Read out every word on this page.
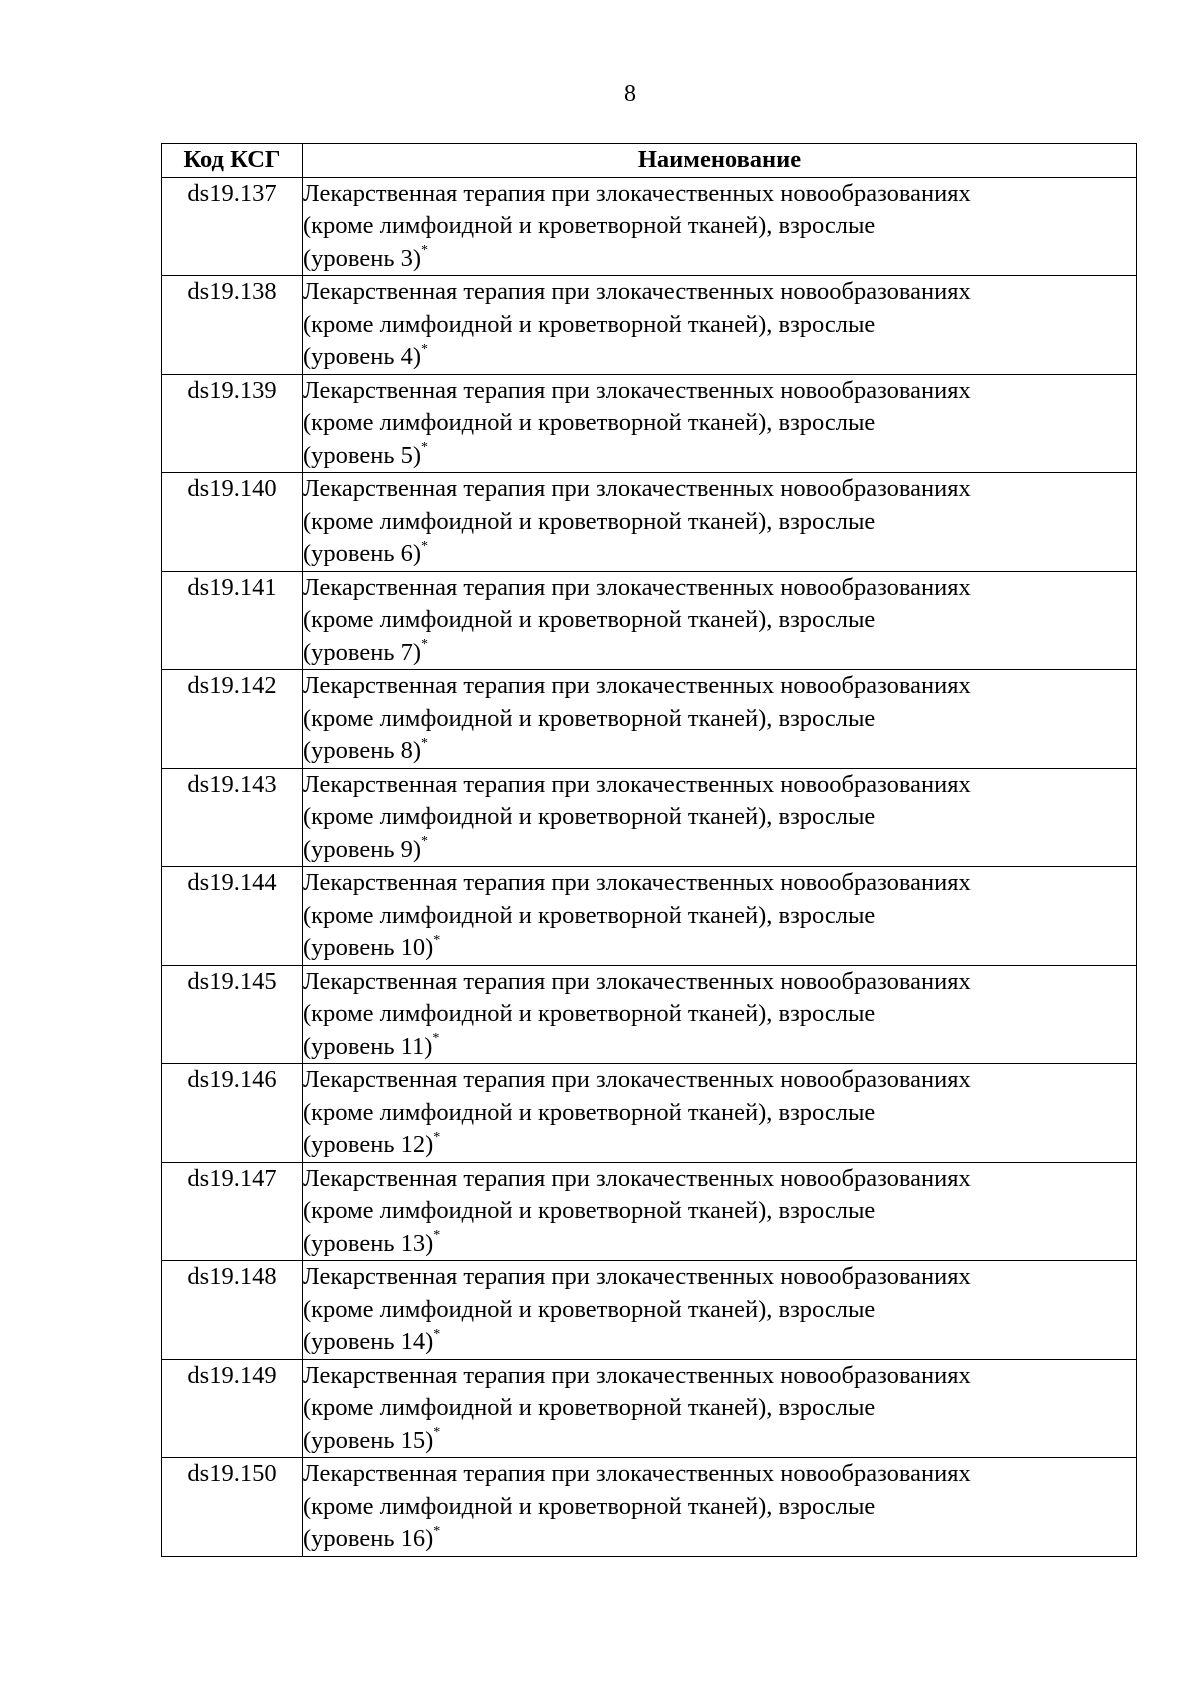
8
Код КСГ	Наименование
ds19.137	Лекарственная терапия при злокачественных новообразованиях
(кроме лимфоидной и кроветворной тканей), взрослые
(уровень 3)*

ds19.138	Лекарственная терапия при злокачественных новообразованиях
(кроме лимфоидной и кроветворной тканей), взрослые
(уровень 4)*

ds19.139	Лекарственная терапия при злокачественных новообразованиях
(кроме лимфоидной и кроветворной тканей), взрослые
(уровень 5)*

ds19.140	Лекарственная терапия при злокачественных новообразованиях
(кроме лимфоидной и кроветворной тканей), взрослые
(уровень 6)*

ds19.141	Лекарственная терапия при злокачественных новообразованиях
(кроме лимфоидной и кроветворной тканей), взрослые
(уровень 7)*

ds19.142	Лекарственная терапия при злокачественных новообразованиях
(кроме лимфоидной и кроветворной тканей), взрослые
(уровень 8)*

ds19.143	Лекарственная терапия при злокачественных новообразованиях
(кроме лимфоидной и кроветворной тканей), взрослые
(уровень 9)*

ds19.144	Лекарственная терапия при злокачественных новообразованиях
(кроме лимфоидной и кроветворной тканей), взрослые
(уровень 10)*

ds19.145	Лекарственная терапия при злокачественных новообразованиях
(кроме лимфоидной и кроветворной тканей), взрослые
(уровень 11)*

ds19.146	Лекарственная терапия при злокачественных новообразованиях
(кроме лимфоидной и кроветворной тканей), взрослые
(уровень 12)*

ds19.147	Лекарственная терапия при злокачественных новообразованиях
(кроме лимфоидной и кроветворной тканей), взрослые
(уровень 13)*

ds19.148	Лекарственная терапия при злокачественных новообразованиях
(кроме лимфоидной и кроветворной тканей), взрослые
(уровень 14)*

ds19.149	Лекарственная терапия при злокачественных новообразованиях
(кроме лимфоидной и кроветворной тканей), взрослые
(уровень 15)*

ds19.150	Лекарственная терапия при злокачественных новообразованиях
(кроме лимфоидной и кроветворной тканей), взрослые
(уровень 16)*
